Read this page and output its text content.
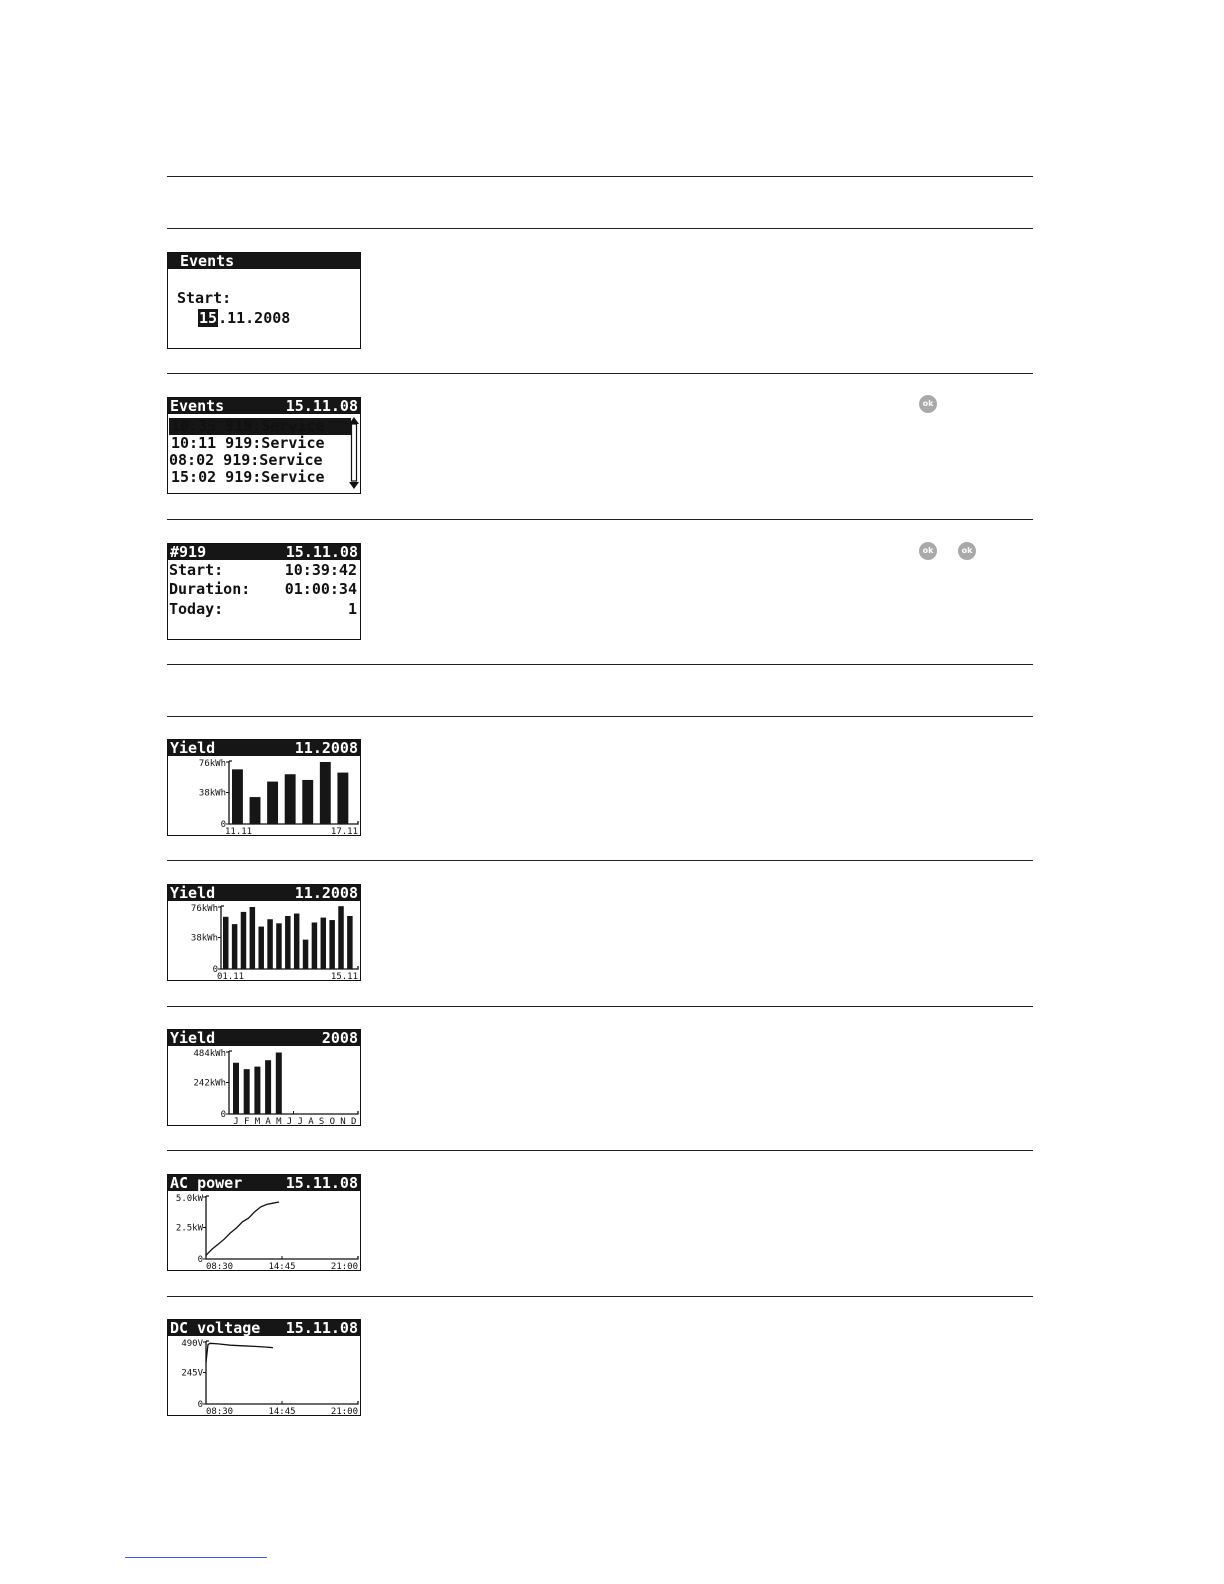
Events
Start:
15.11.2008
Events	15.11.08
10:39 919:Service
10:11 919:Service
08:02 919:Service
15:02 919:Service
ok
#919	15.11.08
Start:	10:39:42
Duration: 01:00:34
Today:	1
ok	ok
Yield	11.2008
76kWh
38kWh
0
11.11	17.11
Yield	11.2008
76kWh
38kWh
0
01.11	15.11
Yield	2008
484kWh
242kWh
0
J F M A M J J A S O N D
AC power	15.11.08
5.0kW
2.5kW
0
08:30	14:45	21:00
DC voltage 15.11.08
490V
245V
0
08:30	14:45	21:00
